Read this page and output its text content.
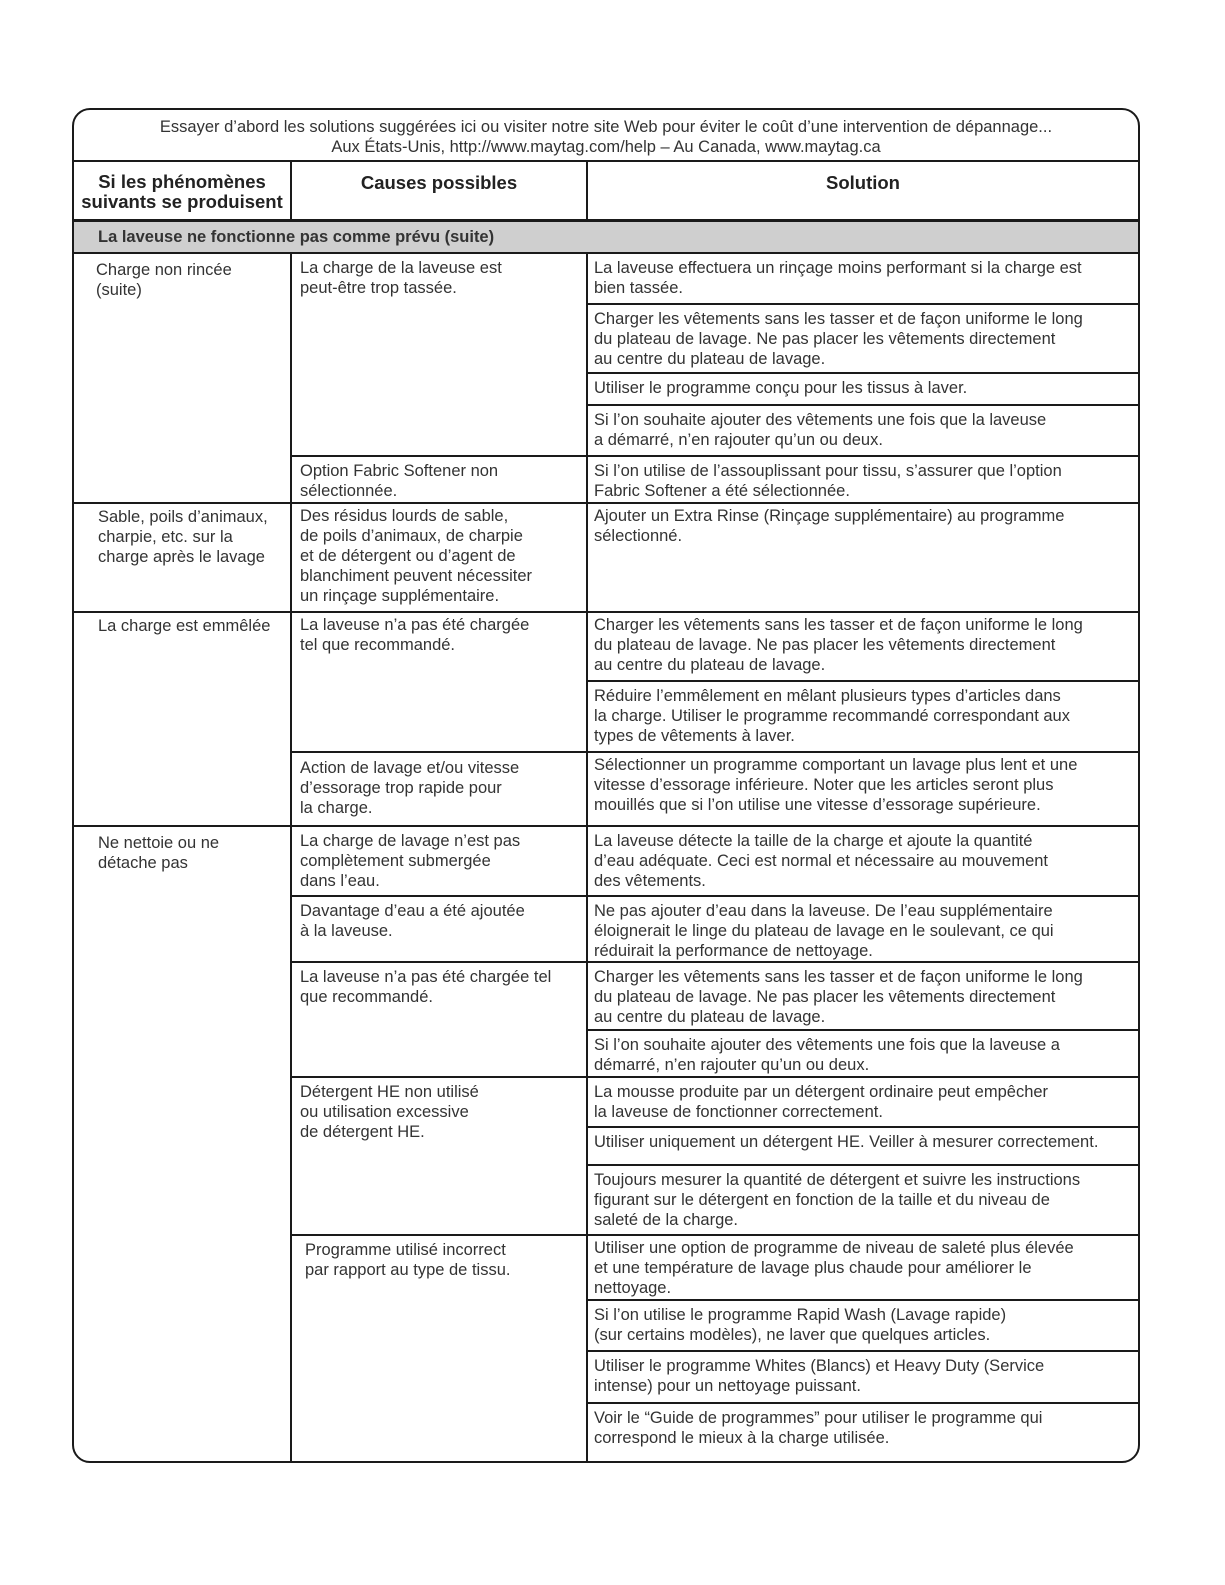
Essayer d’abord les solutions suggérées ici ou visiter notre site Web pour éviter le coût d’une intervention de dépannage...
Aux États-Unis, http://www.maytag.com/help – Au Canada, www.maytag.ca
Si les phénomènes
suivants se produisent
Causes possibles	Solution
La laveuse ne fonctionne pas comme prévu (suite)
Charge non rincée
(suite)
La charge de la laveuse est
peut-être trop tassée.
Option Fabric Softener non
sélectionnée.
La laveuse effectuera un rinçage moins performant si la charge est
bien tassée.
Charger les vêtements sans les tasser et de façon uniforme le long
du plateau de lavage. Ne pas placer les vêtements directement
au centre du plateau de lavage.
Utiliser le programme conçu pour les tissus à laver.
Si l’on souhaite ajouter des vêtements une fois que la laveuse
a démarré, n’en rajouter qu’un ou deux.
Si l’on utilise de l’assouplissant pour tissu, s’assurer que l’option
Fabric Softener a été sélectionnée.
Sable, poils d’animaux,
charpie, etc. sur la
charge après le lavage
Des résidus lourds de sable,
de poils d’animaux, de charpie
et de détergent ou d’agent de
blanchiment peuvent nécessiter
un rinçage supplémentaire.
Ajouter un Extra Rinse (Rinçage supplémentaire) au programme
sélectionné.
La charge est emmêlée	La laveuse n’a pas été chargée
tel que recommandé.
Action de lavage et/ou vitesse
d’essorage trop rapide pour
la charge.
Charger les vêtements sans les tasser et de façon uniforme le long
du plateau de lavage. Ne pas placer les vêtements directement
au centre du plateau de lavage.
Réduire l’emmêlement en mêlant plusieurs types d’articles dans
la charge. Utiliser le programme recommandé correspondant aux
types de vêtements à laver.
Sélectionner un programme comportant un lavage plus lent et une
vitesse d’essorage inférieure. Noter que les articles seront plus
mouillés que si l’on utilise une vitesse d’essorage supérieure.
Ne nettoie ou ne
détache pas
La charge de lavage n’est pas
complètement submergée
dans l’eau.
Davantage d’eau a été ajoutée
à la laveuse.
La laveuse n’a pas été chargée tel
que recommandé.
Détergent HE non utilisé
ou utilisation excessive
de détergent HE.
Programme utilisé incorrect
par rapport au type de tissu.
La laveuse détecte la taille de la charge et ajoute la quantité
d’eau adéquate. Ceci est normal et nécessaire au mouvement
des vêtements.
Ne pas ajouter d’eau dans la laveuse. De l’eau supplémentaire
éloignerait le linge du plateau de lavage en le soulevant, ce qui
réduirait la performance de nettoyage.
Charger les vêtements sans les tasser et de façon uniforme le long
du plateau de lavage. Ne pas placer les vêtements directement
au centre du plateau de lavage.
Si l’on souhaite ajouter des vêtements une fois que la laveuse a
démarré, n’en rajouter qu’un ou deux.
La mousse produite par un détergent ordinaire peut empêcher
la laveuse de fonctionner correctement.
Utiliser uniquement un détergent HE. Veiller à mesurer correctement.
Toujours mesurer la quantité de détergent et suivre les instructions
figurant sur le détergent en fonction de la taille et du niveau de
saleté de la charge.
Utiliser une option de programme de niveau de saleté plus élevée
et une température de lavage plus chaude pour améliorer le
nettoyage.
Si l’on utilise le programme Rapid Wash (Lavage rapide)
(sur certains modèles), ne laver que quelques articles.
Utiliser le programme Whites (Blancs) et Heavy Duty (Service
intense) pour un nettoyage puissant.
Voir le “Guide de programmes” pour utiliser le programme qui
correspond le mieux à la charge utilisée.
